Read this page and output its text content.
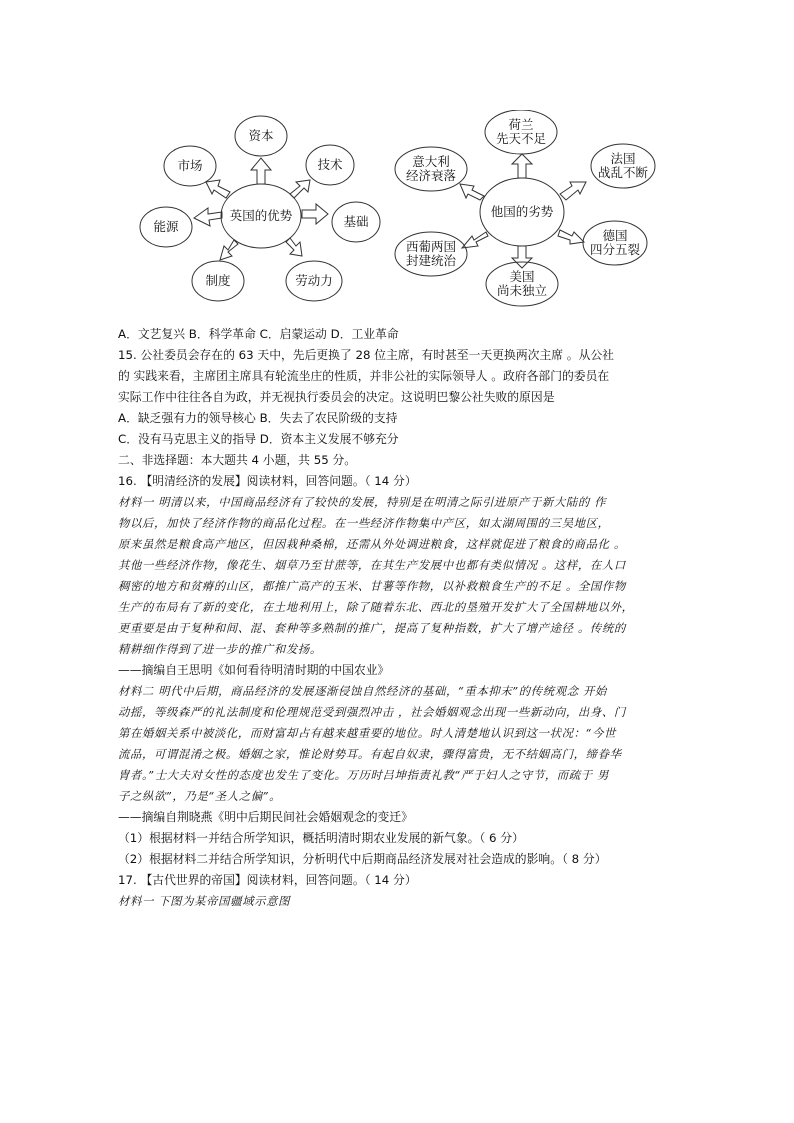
英国的优势
资本
技术
基础
劳动力
制度
能源
市场
他国的劣势
荷兰
先天不足
法国
战乱不断
德国
四分五裂
美国
尚未独立
西葡两国
封建统治
意大利
经济衰落
A．文艺复兴 B．科学革命 C．启蒙运动 D．工业革命
15. 公社委员会存在的 63 天中，先后更换了 28 位主席，有时甚至一天更换两次主席 。从公社
的 实践来看，主席团主席具有轮流坐庄的性质，并非公社的实际领导人 。政府各部门的委员在
实际工作中往往各自为政，并无视执行委员会的决定。这说明巴黎公社失败的原因是
A．缺乏强有力的领导核心 B．失去了农民阶级的支持
C．没有马克思主义的指导 D．资本主义发展不够充分
二、非选择题：本大题共 4 小题，共 55 分。
16. 【明清经济的发展】阅读材料，回答问题。（ 14 分）
材料一 明清以来，中国商品经济有了较快的发展，特别是在明清之际引进原产于新大陆的 作
物以后，加快了经济作物的商品化过程。在一些经济作物集中产区，如太湖周围的三吴地区，
原来虽然是粮食高产地区，但因栽种桑棉，还需从外处调进粮食，这样就促进了粮食的商品化 。
其他一些经济作物，像花生、烟草乃至甘蔗等，在其生产发展中也都有类似情况 。这样，在人口
稠密的地方和贫瘠的山区，都推广高产的玉米、甘薯等作物，以补救粮食生产的不足 。全国作物
生产的布局有了新的变化，在土地利用上，除了随着东北、西北的垦殖开发扩大了全国耕地以外，
更重要是由于复种和间、混、套种等多熟制的推广，提高了复种指数，扩大了增产途径 。传统的
精耕细作得到了进一步的推广和发扬。
——摘编自王思明《如何看待明清时期的中国农业》
材料二 明代中后期，商品经济的发展逐渐侵蚀自然经济的基础，“重本抑末”的传统观念 开始
动摇，等级森严的礼法制度和伦理规范受到强烈冲击 ，社会婚姻观念出现一些新动向，出身、门
第在婚姻关系中被淡化，而财富却占有越来越重要的地位。时人清楚地认识到这一状况：“今世
流品，可谓混淆之极。婚姻之家，惟论财势耳。有起自奴隶，骤得富贵，无不结姻高门，缔眷华
胄者。”士大夫对女性的态度也发生了变化。万历时吕坤指责礼教“严于妇人之守节，而疏于 男
子之纵欲”，乃是“圣人之偏”。
——摘编自荆晓燕《明中后期民间社会婚姻观念的变迁》
（1）根据材料一并结合所学知识，概括明清时期农业发展的新气象。（ 6 分）
（2）根据材料二并结合所学知识，分析明代中后期商品经济发展对社会造成的影响。（ 8 分）
17. 【古代世界的帝国】阅读材料，回答问题。（ 14 分）
材料一 下图为某帝国疆域示意图
